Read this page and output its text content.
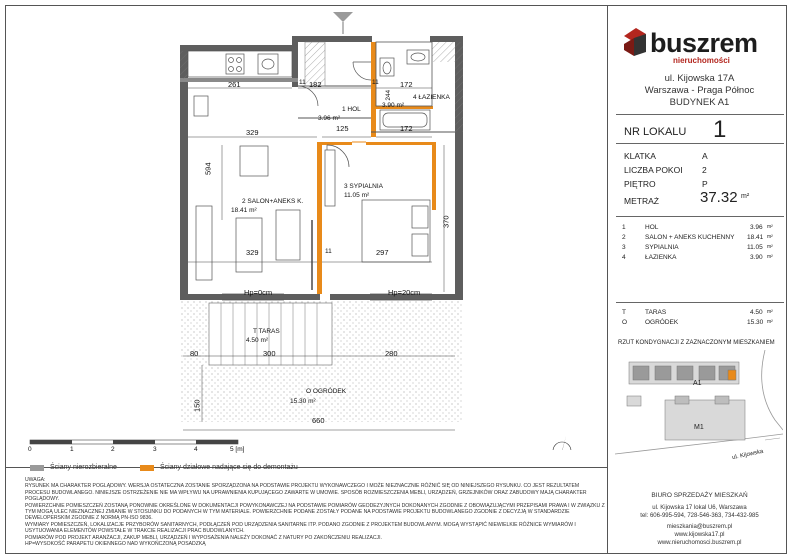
261	182	172
1 HOL
3.96 m²
4 ŁAZIENKA
3.90 m²
329	125	172
594
2 SALON+ANEKS K.
18.41 m²
3 SYPIALNIA
11.05 m²
370
329	297
11
11	11
244
Hp=0cm	Hp=20cm
T TARAS
4.50 m²
80	300	280
150
O OGRÓDEK
15.30 m²
660
0	1	2	3	4	5 [m]
Ściany nierozbieralne	Ściany działowe nadające się do demontażu

UWAGA:

RYSUNEK MA CHARAKTER POGLĄDOWY. WERSJA OSTATECZNA ZOSTANIE SPORZĄDZONA NA PODSTAWIE PROJEKTU WYKONAWCZEGO I MOŻE NIEZNACZNIE RÓŻNIĆ SIĘ OD NINIEJSZEGO RYSUNKU. CO JEST REZULTATEM PROCESU BUDOWLANEGO. NINIEJSZE OSTRZEŻENIE NIE MA WPŁYWU NA UPRAWNIENIA KUPUJĄCEGO ZAWARTE W UMOWIE. SPOSÓB ROZMIESZCZENIA MEBLI, URZĄDZEŃ, GRZEJNIKÓW ORAZ ZABUDOWY MAJĄ CHARAKTER POGLĄDOWY.

POWIERZCHNIE POMIESZCZEŃ ZOSTANĄ PONOWNIE OKREŚLONE W DOKUMENTACJI POWYKONAWCZEJ NA PODSTAWIE POMIARÓW GEODEZYJNYCH DOKONANYCH ZGODNIE Z OBOWIĄZUJĄCYMI PRZEPISAMI PRAWA I W ZWIĄZKU Z TYM MOGĄ ULEC NIEZNACZNEJ ZMIANIE W STOSUNKU DO PODANYCH W TYM MATERIALE. POWIERZCHNIE PODANE ZOSTAŁY PODANE NA PODSTAWIE PROJEKTU BUDOWLANEGO ZGODNIE Z DECYZJĄ W STANDARDZIE DEWELOPERSKIM ZGODNIE Z NORMĄ PN-ISO 9836.

WYMIARY POMIESZCZEŃ, LOKALIZACJE PRZYBORÓW SANITARNYCH, PODŁĄCZEŃ POD URZĄDZENIA SANITARNE ITP. PODANO ZGODNIE Z PROJEKTEM BUDOWLANYM. MOGĄ WYSTĄPIĆ NIEWIELKIE RÓŻNICE WYMIARÓW I USYTUOWANIA ELEMENTÓW POWSTAŁE W TRAKCIE REALIZACJI PRAC BUDOWLANYCH.

POMIARÓW POD PROJEKT ARANŻACJI, ZAKUP MEBLI, URZĄDZEŃ I WYPOSAŻENIA NALEŻY DOKONAĆ Z NATURY PO ZAKOŃCZENIU REALIZACJI.

HP=WYSOKOŚĆ PARAPETU OKIENNEGO NAD WYKOŃCZONĄ POSADZKĄ

buszrem
nieruchomości
ul. Kijowska 17A
Warszawa - Praga Północ
BUDYNEK A1
NR LOKALU 1
KLATKA	A
LICZBA POKOI 2
PIĘTRO	P
METRAŻ	37.32 m²
1	HOL	3.96 m²
2	SALON + ANEKS KUCHENNY 18.41 m²
3	SYPIALNIA	11.05 m²
4	ŁAZIENKA	3.90 m²
T	TARAS	4.50 m²
O	OGRÓDEK	15.30 m²
RZUT KONDYGNACJI Z ZAZNACZONYM MIESZKANIEM
A1
M1
ul. Kijowska
BIURO SPRZEDAŻY MIESZKAŃ
ul. Kijowska 17 lokal U6, Warszawa
tel: 606-995-594, 728-546-363, 734-432-985
mieszkania@buszrem.pl
www.kijowska17.pl
www.nieruchomosci.buszrem.pl
